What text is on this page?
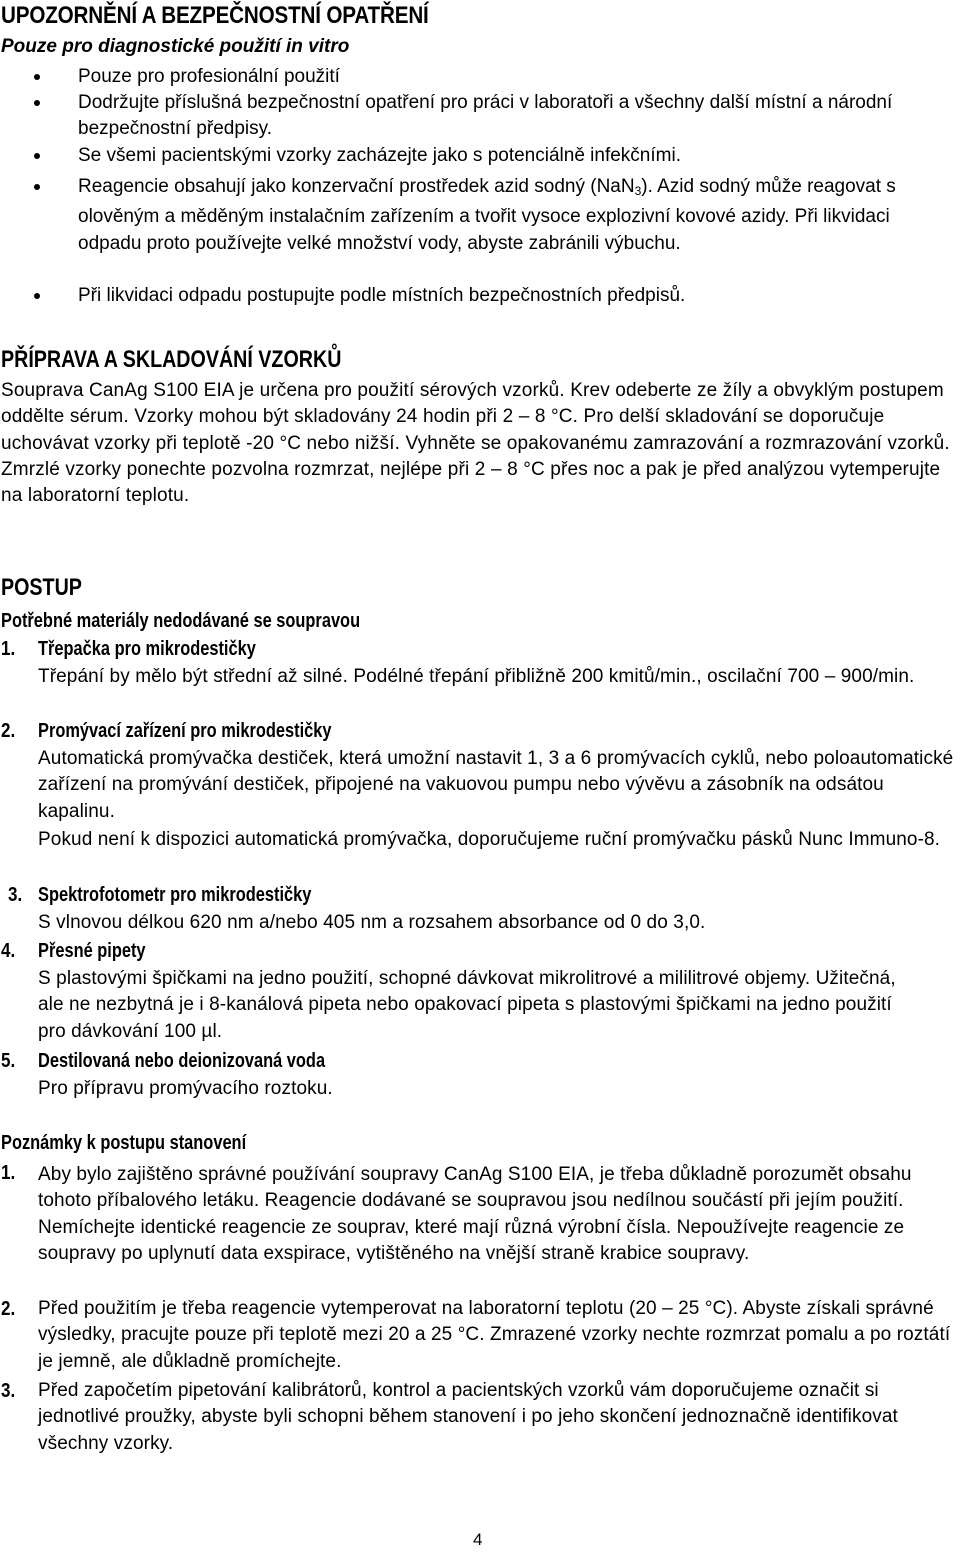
UPOZORNĚNÍ A BEZPEČNOSTNÍ OPATŘENÍ
Pouze pro diagnostické použití in vitro
Pouze pro profesionální použití
Dodržujte příslušná bezpečnostní opatření pro práci v laboratoři a všechny další místní a národní bezpečnostní předpisy.
Se všemi pacientskými vzorky zacházejte jako s potenciálně infekčními.
Reagencie obsahují jako konzervační prostředek azid sodný (NaN$_3$). Azid sodný může reagovat s olověným a měděným instalačním zařízením a tvořit vysoce explozivní kovové azidy. Při likvidaci odpadu proto používejte velké množství vody, abyste zabránili výbuchu.
Při likvidaci odpadu postupujte podle místních bezpečnostních předpisů.
PŘÍPRAVA A SKLADOVÁNÍ VZORKŮ
Souprava CanAg S100 EIA je určena pro použití sérových vzorků. Krev odeberte ze žíly a obvyklým postupem oddělte sérum. Vzorky mohou být skladovány 24 hodin při 2 – 8 °C. Pro delší skladování se doporučuje uchovávat vzorky při teplotě -20 °C nebo nižší. Vyhněte se opakovanému zamrazování a rozmrazování vzorků. Zmrzlé vzorky ponechte pozvolna rozmrzat, nejlépe při 2 – 8 °C přes noc a pak je před analýzou vytemperujte na laboratorní teplotu.
POSTUP
Potřebné materiály nedodávané se soupravou
1. Třepačka pro mikrodestičky
Třepání by mělo být střední až silné. Podélné třepání přibližně 200 kmitů/min., oscilační 700 – 900/min.
2. Promývací zařízení pro mikrodestičky
Automatická promývačka destiček, která umožní nastavit 1, 3 a 6 promývacích cyklů, nebo poloautomatické zařízení na promývání destiček, připojené na vakuovou pumpu nebo vývěvu a zásobník na odsátou kapalinu.
Pokud není k dispozici automatická promývačka, doporučujeme ruční promývačku pásků Nunc Immuno-8.
3. Spektrofotometr pro mikrodestičky
S vlnovou délkou 620 nm a/nebo 405 nm a rozsahem absorbance od 0 do 3,0.
4. Přesné pipety
S plastovými špičkami na jedno použití, schopné dávkovat mikrolitrové a mililitrové objemy. Užitečná, ale ne nezbytná je i 8-kanálová pipeta nebo opakovací pipeta s plastovými špičkami na jedno použití pro dávkování 100 µl.
5. Destilovaná nebo deionizovaná voda
Pro přípravu promývacího roztoku.
Poznámky k postupu stanovení
1. Aby bylo zajištěno správné používání soupravy CanAg S100 EIA, je třeba důkladně porozumět obsahu tohoto příbalového letáku. Reagencie dodávané se soupravou jsou nedílnou součástí při jejím použití. Nemíchejte identické reagencie ze souprav, které mají různá výrobní čísla. Nepoužívejte reagencie ze soupravy po uplynutí data exspirace, vytištěného na vnější straně krabice soupravy.
2. Před použitím je třeba reagencie vytemperovat na laboratorní teplotu (20 – 25 °C). Abyste získali správné výsledky, pracujte pouze při teplotě mezi 20 a 25 °C. Zmrazené vzorky nechte rozmrzat pomalu a po roztátí je jemně, ale důkladně promíchejte.
3. Před započetím pipetování kalibrátorů, kontrol a pacientských vzorků vám doporučujeme označit si jednotlivé proužky, abyste byli schopni během stanovení i po jeho skončení jednoznačně identifikovat všechny vzorky.
4
